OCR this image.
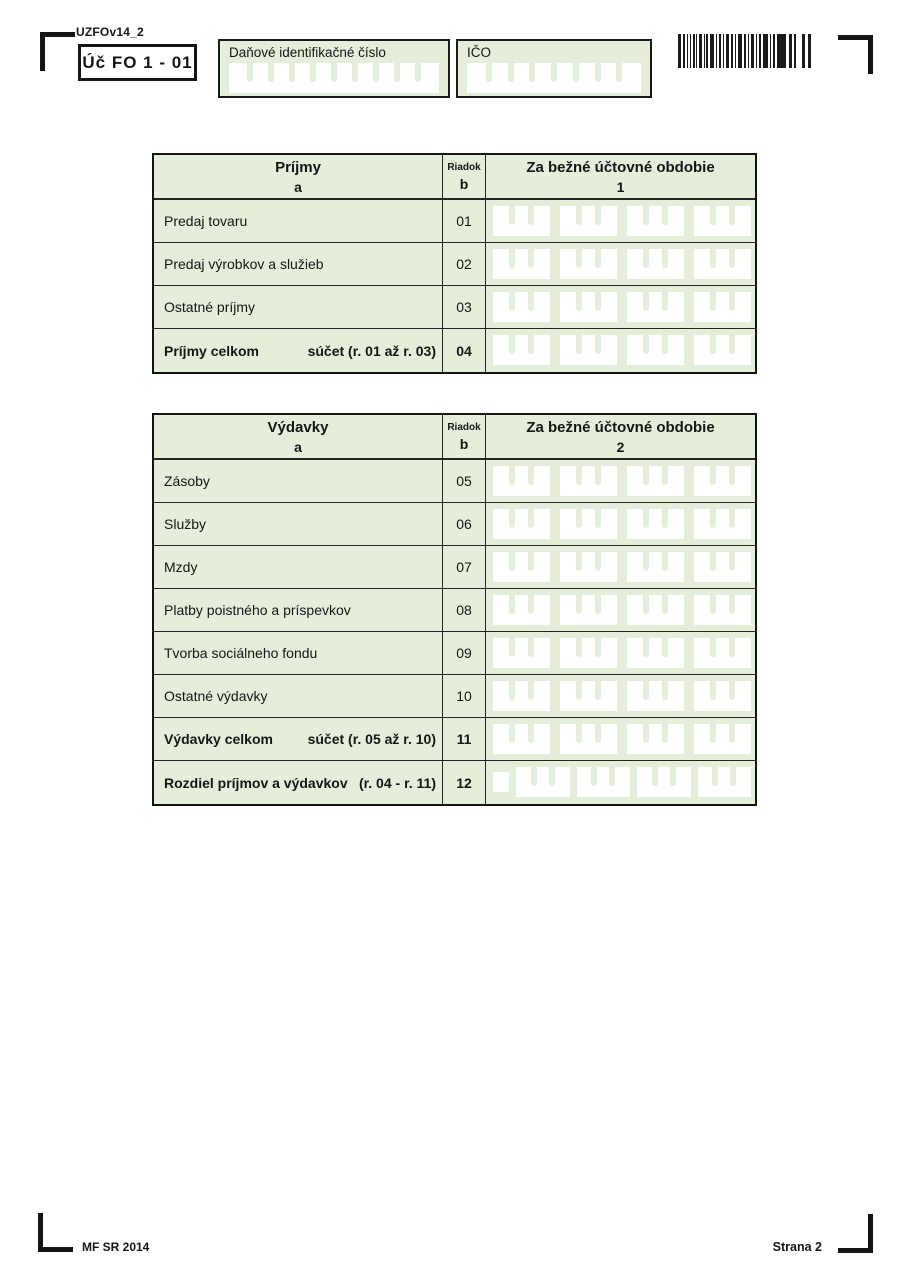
UZFOv14_2
Úč FO 1 - 01	Daňové identifikačné číslo	IČO
Príjmy
a
Riadok
b
Za bežné účtovné obdobie
1
Predaj tovaru	01
Predaj výrobkov a služieb	02
Ostatné príjmy	03
Príjmy celkom	súčet (r. 01 až r. 03)	04
Výdavky
a
Riadok
b
Za bežné účtovné obdobie
2
Zásoby	05
Služby	06
Mzdy	07
Platby poistného a príspevkov	08
Tvorba sociálneho fondu	09
Ostatné výdavky	10
Výdavky celkom súčet (r. 05 až r. 10)	11
Rozdiel príjmov a výdavkov (r. 04 - r. 11)	12
MF SR 2014	Strana 2
